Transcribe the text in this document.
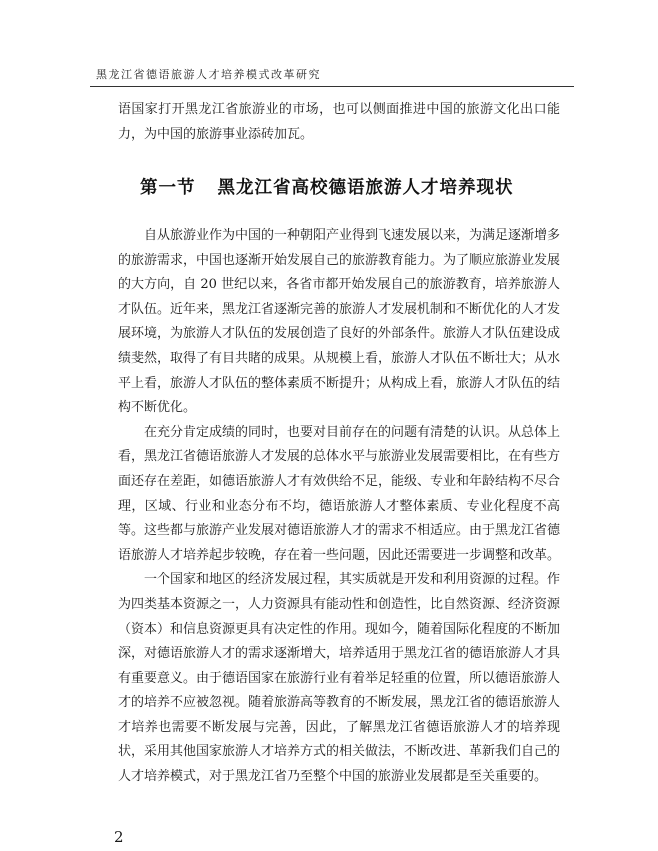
黑龙江省德语旅游人才培养模式改革研究

语国家打开黑龙江省旅游业的市场，也可以侧面推进中国的旅游文化出口能力，为中国的旅游事业添砖加瓦。

第一节 黑龙江省高校德语旅游人才培养现状

自从旅游业作为中国的一种朝阳产业得到飞速发展以来，为满足逐渐增多的旅游需求，中国也逐渐开始发展自己的旅游教育能力。为了顺应旅游业发展的大方向，自 20 世纪以来，各省市都开始发展自己的旅游教育，培养旅游人才队伍。近年来，黑龙江省逐渐完善的旅游人才发展机制和不断优化的人才发展环境，为旅游人才队伍的发展创造了良好的外部条件。旅游人才队伍建设成绩斐然，取得了有目共睹的成果。从规模上看，旅游人才队伍不断壮大；从水平上看，旅游人才队伍的整体素质不断提升；从构成上看，旅游人才队伍的结构不断优化。

在充分肯定成绩的同时，也要对目前存在的问题有清楚的认识。从总体上看，黑龙江省德语旅游人才发展的总体水平与旅游业发展需要相比，在有些方面还存在差距，如德语旅游人才有效供给不足，能级、专业和年龄结构不尽合理，区域、行业和业态分布不均，德语旅游人才整体素质、专业化程度不高等。这些都与旅游产业发展对德语旅游人才的需求不相适应。由于黑龙江省德语旅游人才培养起步较晚，存在着一些问题，因此还需要进一步调整和改革。

一个国家和地区的经济发展过程，其实质就是开发和利用资源的过程。作为四类基本资源之一，人力资源具有能动性和创造性，比自然资源、经济资源（资本）和信息资源更具有决定性的作用。现如今，随着国际化程度的不断加深，对德语旅游人才的需求逐渐增大，培养适用于黑龙江省的德语旅游人才具有重要意义。由于德语国家在旅游行业有着举足轻重的位置，所以德语旅游人才的培养不应被忽视。随着旅游高等教育的不断发展，黑龙江省的德语旅游人才培养也需要不断发展与完善，因此，了解黑龙江省德语旅游人才的培养现状，采用其他国家旅游人才培养方式的相关做法，不断改进、革新我们自己的人才培养模式，对于黑龙江省乃至整个中国的旅游业发展都是至关重要的。

2
